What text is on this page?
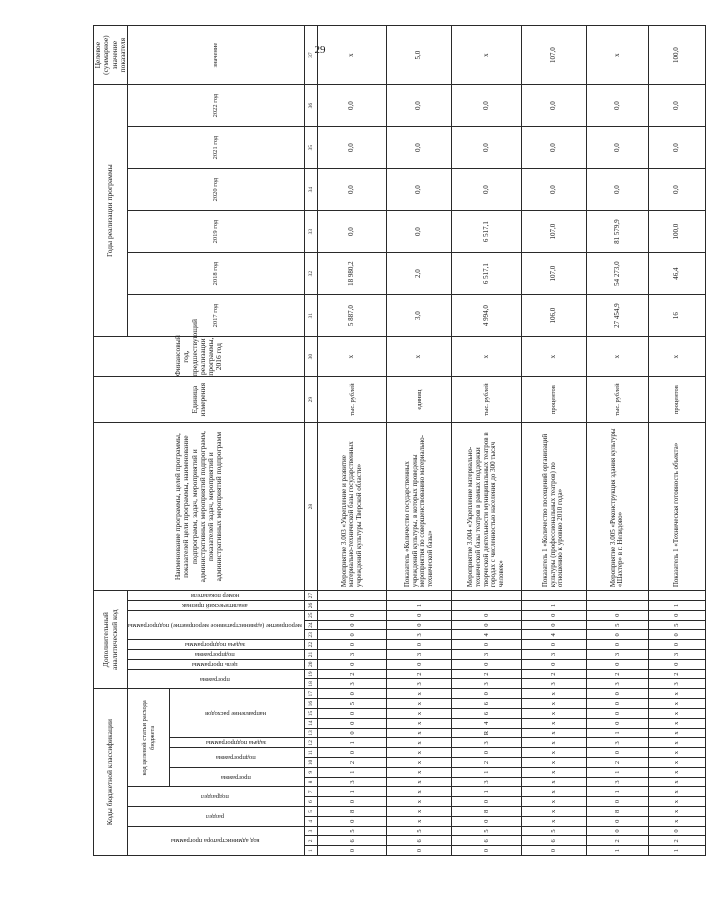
29
Коды бюджетной классификации																	Дополнительный аналитический код										Наименование программы, целей программы, показателей цели программы, наименование подпрограмм, задач, мероприятий и административных мероприятий подпрограмм, показателей задач, мероприятий и административных мероприятий подпрограмм	Единица измерения	Финансовый год, предшествующий реализации программы, 2016 год	Годы реализации программы						Целевое (суммарное) значение показателя
код администратора программы			раздел		подраздел		код целевой статьи расхода бюджета										программа		цель программы	подпрограмма	задача подпрограммы	мероприятие (административное мероприятие) подпрограммы			аналитический признак	номер показателя				2017 год	2018 год	2019 год	2020 год	2021 год	2022 год	значение
							программа		подпрограмма		задача подпрограммы	направление расходов																								
1	2	3	4	5	6	7	8	9	10	11	12	13	14	15	16	17	18	19	20	21	22	23	24	25	26	27	28	29	30	31	32	33	34	35	36	37
0	6	5	0	8	0	1	3	1	2	0	1	0	0	0	5	0	3	2	0	3	0	0	0	0			Мероприятие 3.003 «Укрепление и развитие материально-технической базы государственных учреждений культуры Тверской области»	тыс. рублей	х	5 887,0	18 980,2	0,0	0,0	0,0	0,0	х
0	6	5	х	х	х	х	х	х	х	х	х	х	х	х	х	х	3	2	0	3	0	3	0	0	1		Показатель «Количество государственных учреждений культуры, в которых проведены мероприятия по совершенствованию материально-технической базы»	единиц	х	3,0	2,0	0,0	0,0	0,0	0,0	5,0
0	6	5	0	8	0	1	3	1	2	0	3	R	4	6	6	0	3	2	0	3	0	4	0	0			Мероприятие 3.004 «Укрепление материально-технической базы театров в рамках поддержки творческой деятельности муниципальных театров в городах с численностью населения до 300 тысяч человек»	тыс. рублей	х	4 994,0	6 517,1	6 517,1	0,0	0,0	0,0	х
0	6	5	х	х	х	х	х	х	х	х	х	х	х	х	х	х	3	2	0	3	0	4	0	0	1		Показатель 1 «Количество посещений организаций культуры (профессиональных театров) по отношению к уровню 2010 года»	процентов	х	106,0	107,0	107,0	0,0	0,0	0,0	107,0
1	2	0	0	8	0	1	3	1	2	0	3	1	0	0	0	0	3	2	0	3	0	0	5	0			Мероприятие 3.005 «Реконструкция здания культуры «Шахтер» в г. Нелидово»	тыс. рублей	х	27 454,9	54 273,0	81 579,9	0,0	0,0	0,0	х
1	2	0	х	х	х	х	х	х	х	х	х	х	х	х	х	х	3	2	0	3	0	0	5	0	1		Показатель 1 «Техническая готовность объекта»	процентов	х	16	46,4	100,0	0,0	0,0	0,0	100,0
